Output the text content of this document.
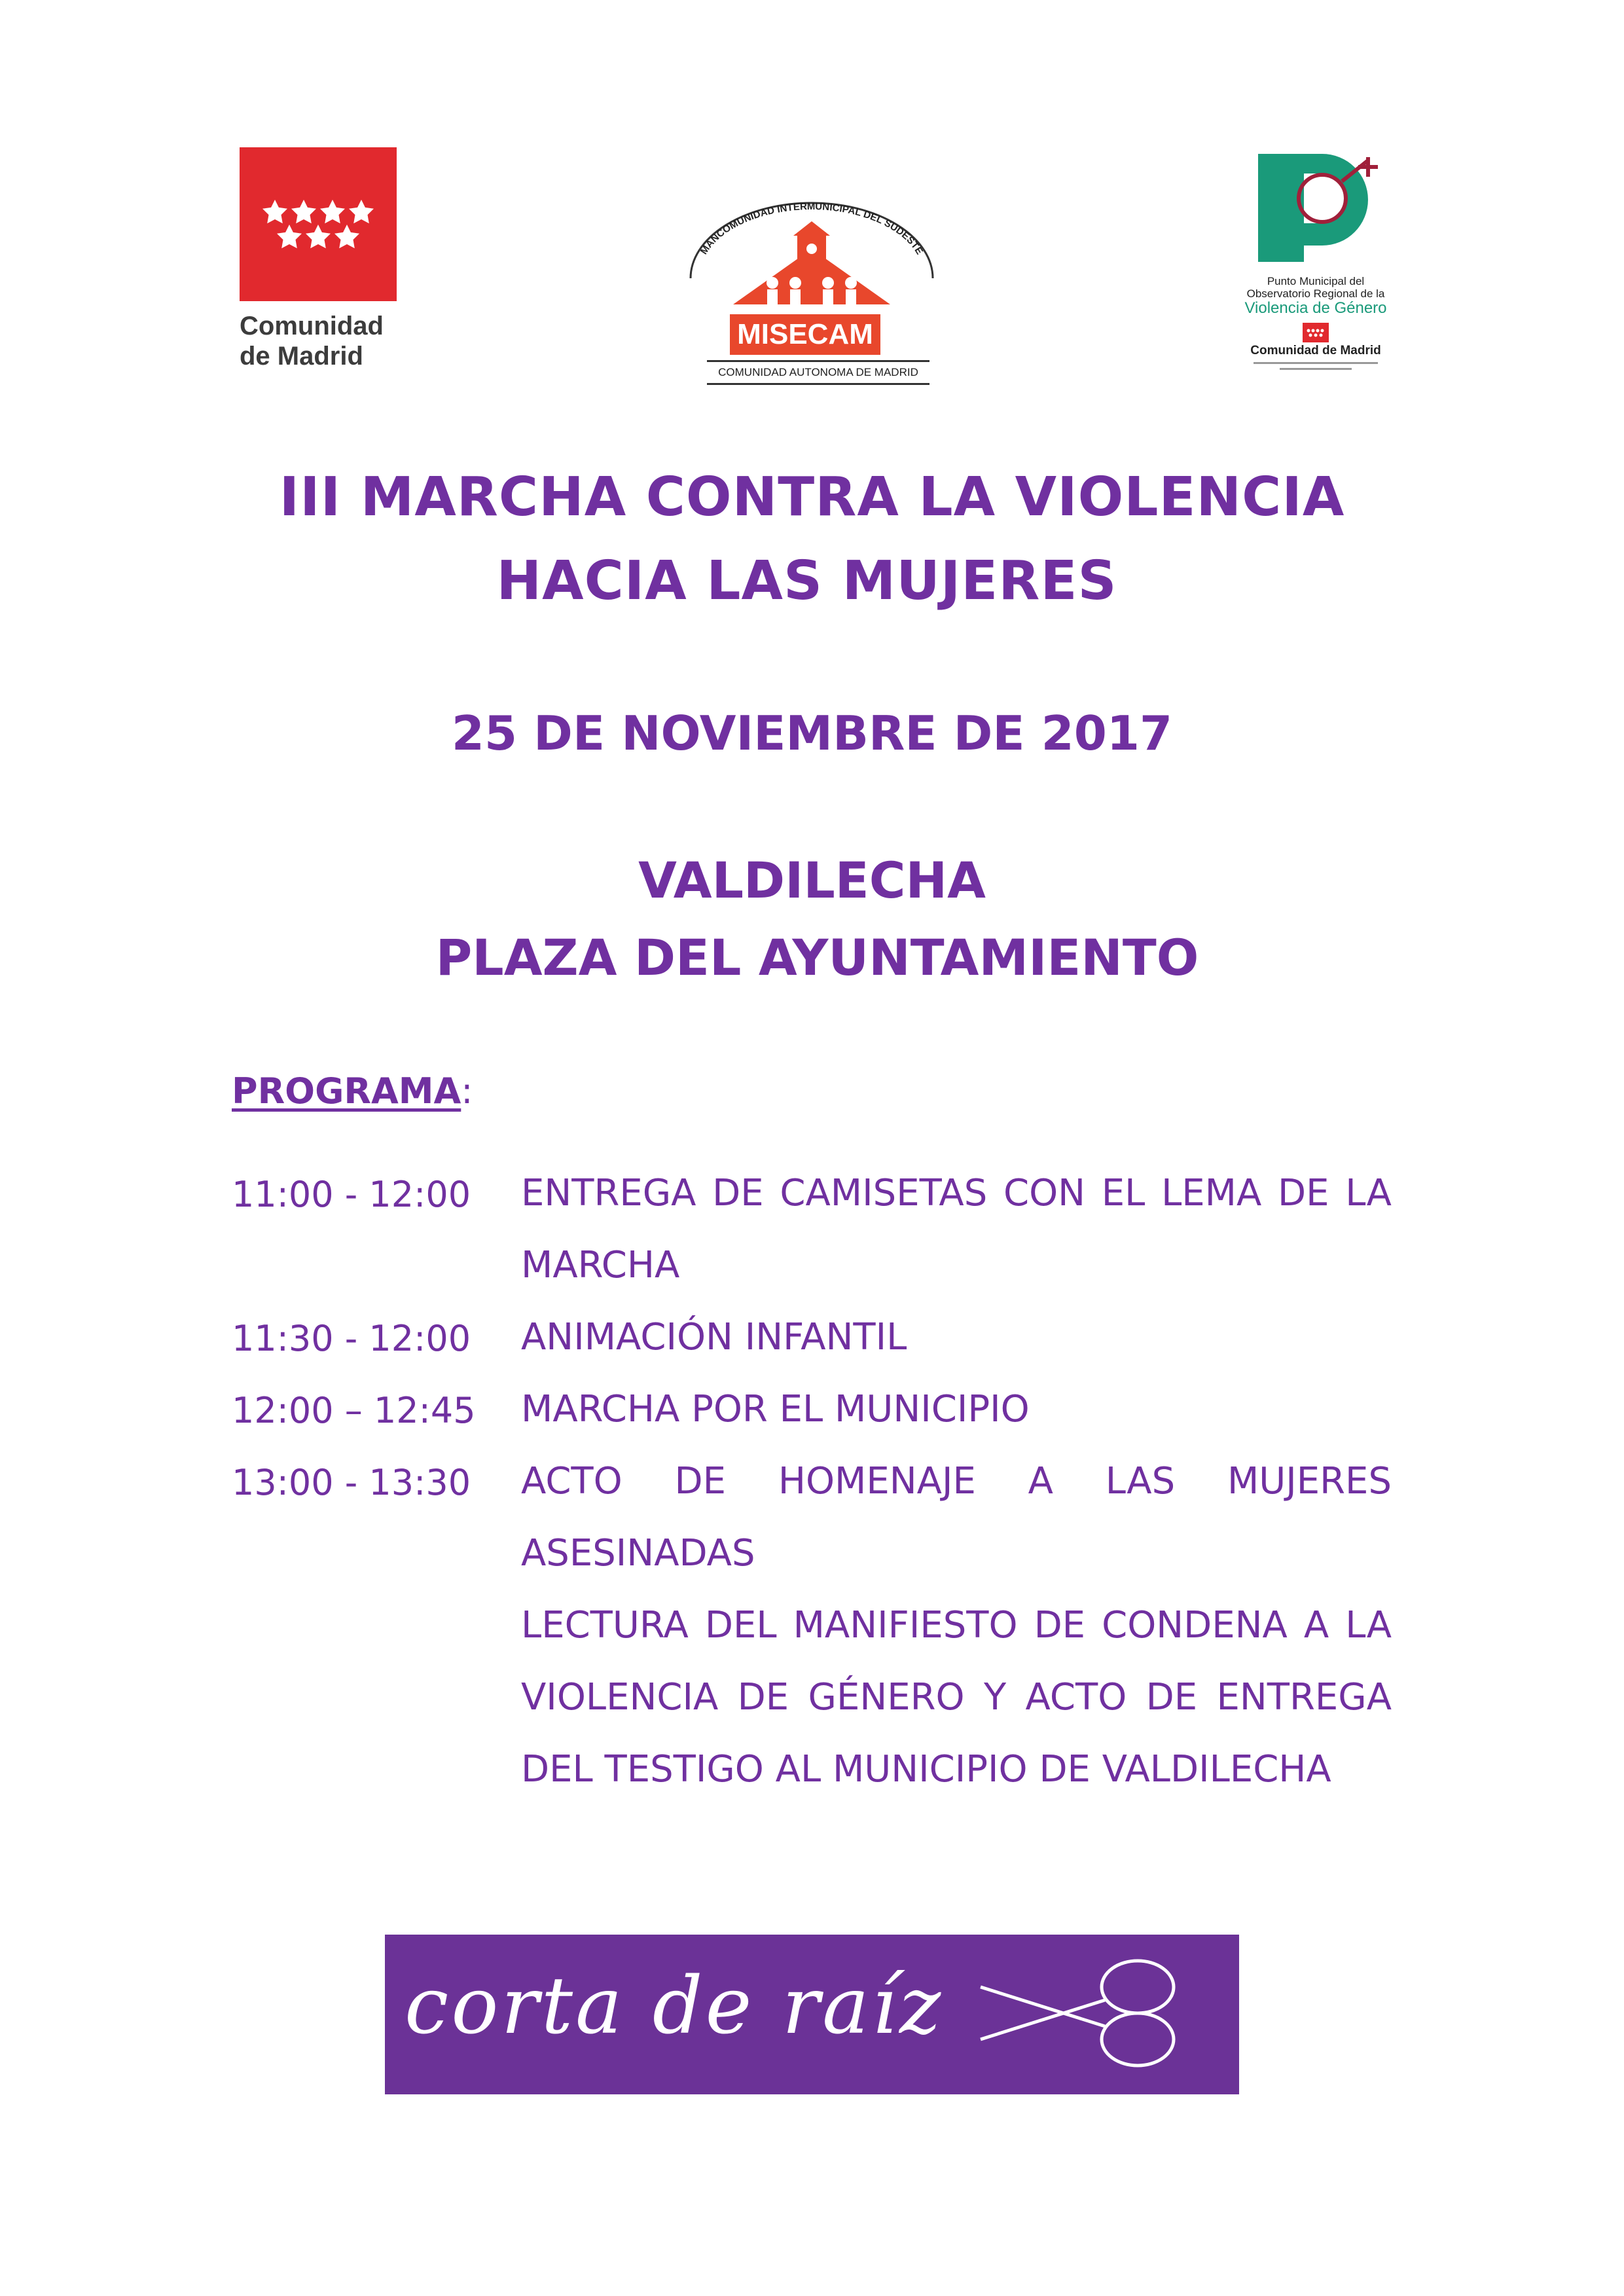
Comunidad
de Madrid
MANCOMUNIDAD INTERMUNICIPAL DEL SUDESTE
MISECAM
COMUNIDAD AUTONOMA DE MADRID
Punto Municipal del
Observatorio Regional de la
Violencia de Género
Comunidad de Madrid
III MARCHA CONTRA LA VIOLENCIA
HACIA LAS MUJERES
25 DE NOVIEMBRE DE 2017
VALDILECHA
PLAZA DEL AYUNTAMIENTO
PROGRAMA:
11:00 - 12:00 ENTREGA DE CAMISETAS CON EL LEMA DE LA MARCHA
11:30 - 12:00 ANIMACIÓN INFANTIL
12:00 – 12:45 MARCHA POR EL MUNICIPIO
13:00 - 13:30 ACTO DE HOMENAJE A LAS MUJERES ASESINADAS
LECTURA DEL MANIFIESTO DE CONDENA A LA VIOLENCIA DE GÉNERO Y ACTO DE ENTREGA DEL TESTIGO AL MUNICIPIO DE VALDILECHA
corta de raíz
